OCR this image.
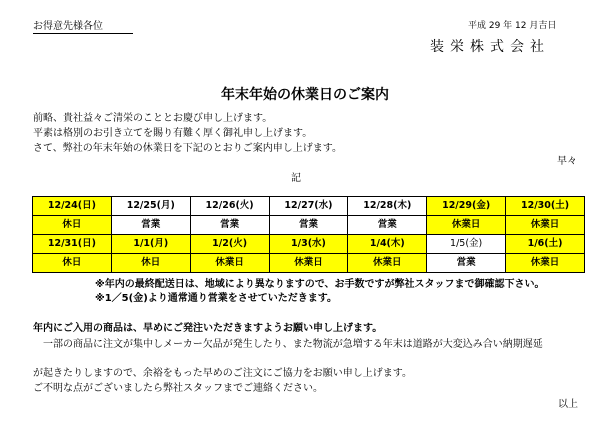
お得意先様各位	平成 29 年 12 月吉日
装栄株式会社
年末年始の休業日のご案内
前略、貴社益々ご清栄のこととお慶び申し上げます。
平素は格別のお引き立てを賜り有難く厚く御礼申し上げます。
さて、弊社の年末年始の休業日を下記のとおりご案内申し上げます。
早々
記
12/24(日)	12/25(月)	12/26(火)	12/27(水)	12/28(木)	12/29(金)	12/30(土)
休日	営業	営業	営業	営業	休業日	休業日
12/31(日)	1/1(月)	1/2(火)	1/3(水)	1/4(木)	1/5(金)	1/6(土)
休日	休日	休業日	休業日	休業日	営業	休業日
※年内の最終配送日は、地域により異なりますので、お手数ですが弊社スタッフまで御確認下さい。
※1／5(金)より通常通り営業をさせていただきます。
年内にご入用の商品は、早めにご発注いただきますようお願い申し上げます。
一部の商品に注文が集中しメーカー欠品が発生したり、また物流が急増する年末は道路が大変込み合い納期遅延
が起きたりしますので、余裕をもった早めのご注文にご協力をお願い申し上げます。
ご不明な点がございましたら弊社スタッフまでご連絡ください。
以上
